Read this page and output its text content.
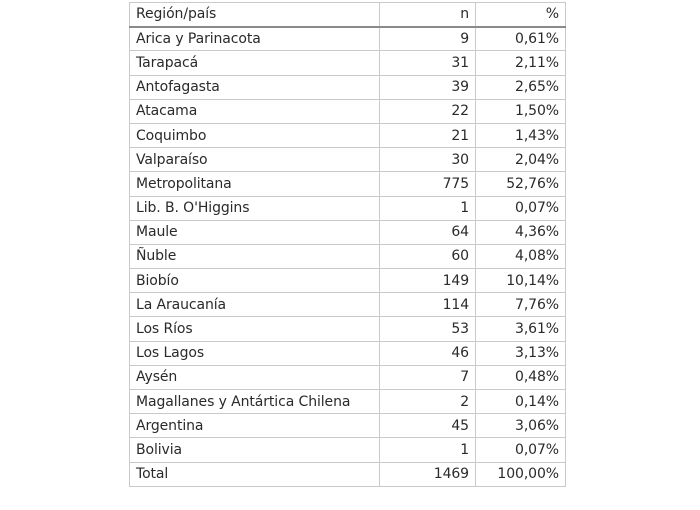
Región/país	n	%
Arica y Parinacota	9	0,61%
Tarapacá	31	2,11%
Antofagasta	39	2,65%
Atacama	22	1,50%
Coquimbo	21	1,43%
Valparaíso	30	2,04%
Metropolitana	775	52,76%
Lib. B. O'Higgins	1	0,07%
Maule	64	4,36%
Ñuble	60	4,08%
Biobío	149	10,14%
La Araucanía	114	7,76%
Los Ríos	53	3,61%
Los Lagos	46	3,13%
Aysén	7	0,48%
Magallanes y Antártica Chilena	2	0,14%
Argentina	45	3,06%
Bolivia	1	0,07%
Total	1469	100,00%
